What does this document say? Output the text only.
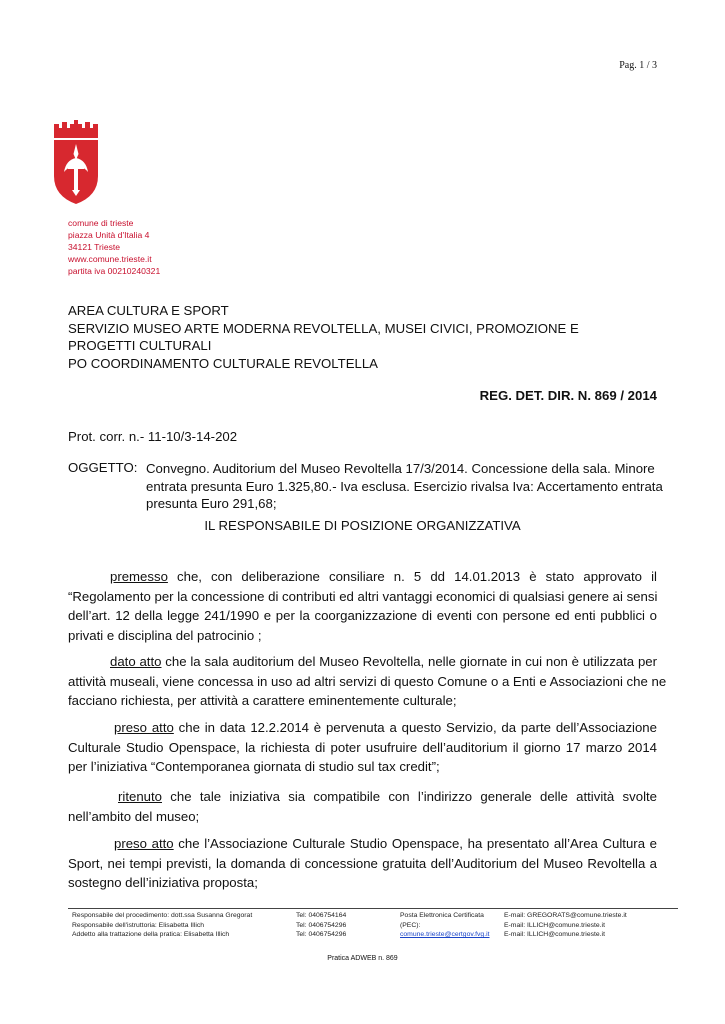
Pag. 1 / 3
comune di trieste
piazza Unità d'Italia 4
34121 Trieste
www.comune.trieste.it
partita iva 00210240321
AREA CULTURA E SPORT
SERVIZIO MUSEO ARTE MODERNA REVOLTELLA, MUSEI CIVICI, PROMOZIONE E
PROGETTI CULTURALI
PO COORDINAMENTO CULTURALE REVOLTELLA
REG. DET. DIR. N. 869 / 2014
Prot. corr. n.- 11-10/3-14-202
OGGETTO: Convegno. Auditorium del Museo Revoltella 17/3/2014. Concessione della sala. Minore
entrata presunta Euro 1.325,80.- Iva esclusa. Esercizio rivalsa Iva: Accertamento entrata
presunta Euro 291,68;
IL RESPONSABILE DI POSIZIONE ORGANIZZATIVA
premesso che, con deliberazione consiliare n. 5 dd 14.01.2013 è stato approvato il
“Regolamento per la concessione di contributi ed altri vantaggi economici di qualsiasi genere ai sensi
dell’art. 12 della legge 241/1990 e per la coorganizzazione di eventi con persone ed enti pubblici o
privati e disciplina del patrocinio ;
dato atto che la sala auditorium del Museo Revoltella, nelle giornate in cui non è utilizzata per
attività museali, viene concessa in uso ad altri servizi di questo Comune o a Enti e Associazioni che ne
facciano richiesta, per attività a carattere eminentemente culturale;
preso atto che in data 12.2.2014 è pervenuta a questo Servizio, da parte dell’Associazione
Culturale Studio Openspace, la richiesta di poter usufruire dell’auditorium il giorno 17 marzo 2014
per l’iniziativa “Contemporanea giornata di studio sul tax credit”;
ritenuto che tale iniziativa sia compatibile con l’indirizzo generale delle attività svolte
nell’ambito del museo;
preso atto che l’Associazione Culturale Studio Openspace, ha presentato all’Area Cultura e
Sport, nei tempi previsti, la domanda di concessione gratuita dell’Auditorium del Museo Revoltella a
sostegno dell’iniziativa proposta;
Responsabile del procedimento: dott.ssa Susanna Gregorat
Responsabile dell'istruttoria: Elisabetta Illich
Addetto alla trattazione della pratica: Elisabetta Illich
Tel: 0406754164
Tel: 0406754296
Tel: 0406754296
Posta Elettronica Certificata
(PEC):
comune.trieste@certgov.fvg.it
E-mail: GREGORATS@comune.trieste.it
E-mail: ILLICH@comune.trieste.it
E-mail: ILLICH@comune.trieste.it
Pratica ADWEB n. 869
